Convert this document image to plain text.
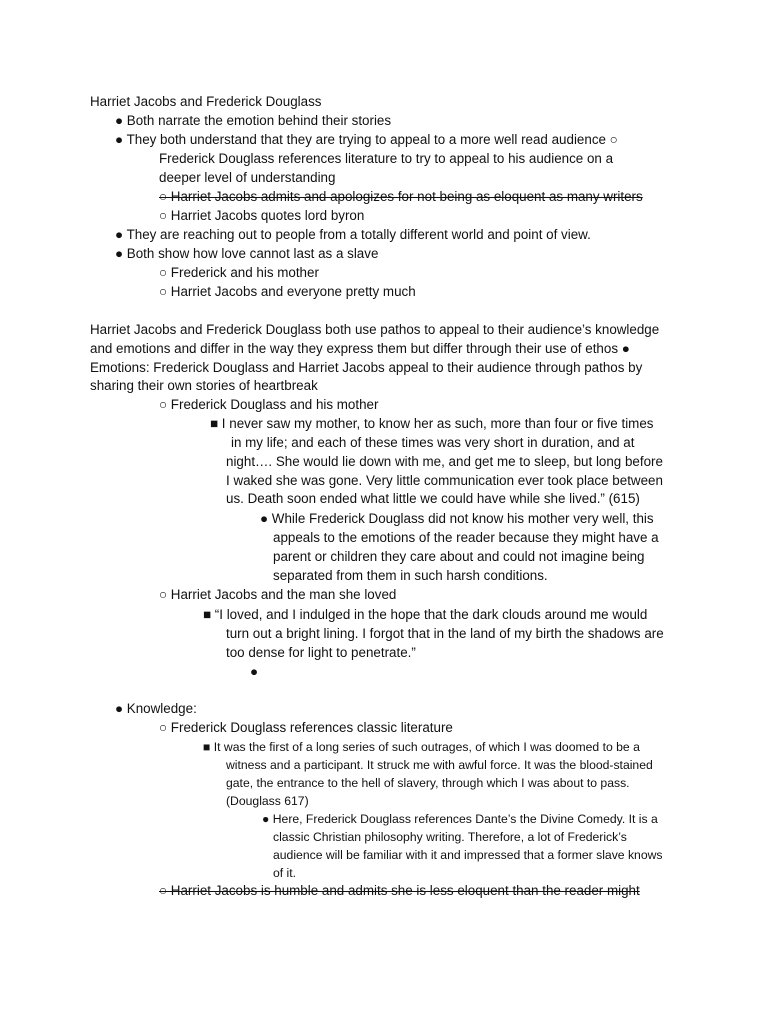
Harriet Jacobs and Frederick Douglass
● Both narrate the emotion behind their stories
● They both understand that they are trying to appeal to a more well read audience ○
Frederick Douglass references literature to try to appeal to his audience on a
deeper level of understanding
○ Harriet Jacobs admits and apologizes for not being as eloquent as many writers
○ Harriet Jacobs quotes lord byron
● They are reaching out to people from a totally different world and point of view.
● Both show how love cannot last as a slave
○ Frederick and his mother
○ Harriet Jacobs and everyone pretty much
Harriet Jacobs and Frederick Douglass both use pathos to appeal to their audience’s knowledge
and emotions and differ in the way they express them but differ through their use of ethos ●
Emotions: Frederick Douglass and Harriet Jacobs appeal to their audience through pathos by
sharing their own stories of heartbreak
○ Frederick Douglass and his mother
■ I never saw my mother, to know her as such, more than four or five times
in my life; and each of these times was very short in duration, and at
night…. She would lie down with me, and get me to sleep, but long before
I waked she was gone. Very little communication ever took place between
us. Death soon ended what little we could have while she lived.” (615)
● While Frederick Douglass did not know his mother very well, this
appeals to the emotions of the reader because they might have a
parent or children they care about and could not imagine being
separated from them in such harsh conditions.
○ Harriet Jacobs and the man she loved
■ “I loved, and I indulged in the hope that the dark clouds around me would
turn out a bright lining. I forgot that in the land of my birth the shadows are
too dense for light to penetrate.”
●
● Knowledge:
○ Frederick Douglass references classic literature
■ It was the first of a long series of such outrages, of which I was doomed to be a
witness and a participant. It struck me with awful force. It was the blood-stained
gate, the entrance to the hell of slavery, through which I was about to pass.
(Douglass 617)
● Here, Frederick Douglass references Dante’s the Divine Comedy. It is a
classic Christian philosophy writing. Therefore, a lot of Frederick’s
audience will be familiar with it and impressed that a former slave knows
of it.
○ Harriet Jacobs is humble and admits she is less eloquent than the reader might
